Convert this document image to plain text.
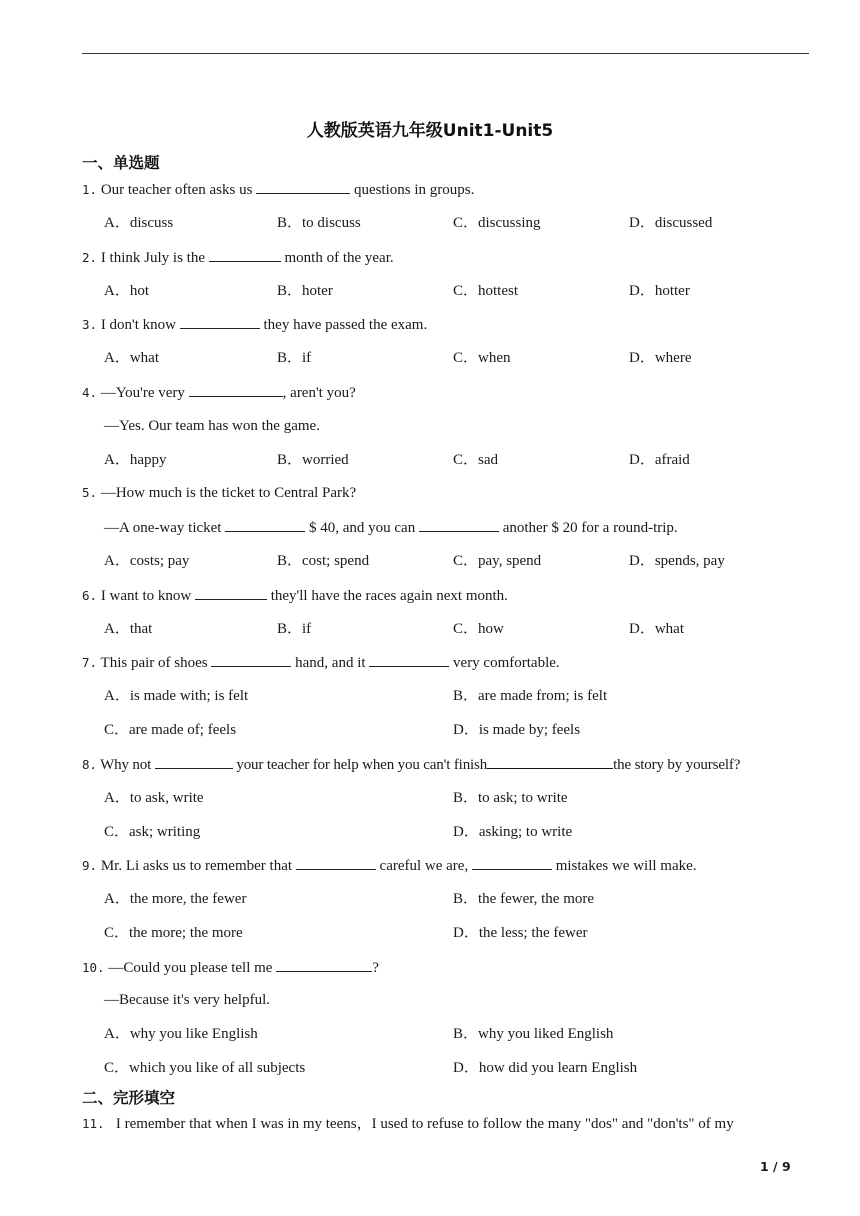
人教版英语九年级Unit1-Unit5
一、单选题
1. Our teacher often asks us	questions in groups.
A．discuss	B．to discuss	C．discussing	D．discussed
2. I think July is the	month of the year.
A．hot	B．hoter	C．hottest	D．hotter
3. I don't know	they have passed the exam.
A．what	B．if	C．when	D．where
4. —You're very	, aren't you?
—Yes. Our team has won the game.
A．happy	B．worried	C．sad	D．afraid
5. —How much is the ticket to Central Park?
—A one-way ticket	$ 40, and you can	another $ 20 for a round-trip.
A．costs; pay	B．cost; spend	C．pay, spend	D．spends, pay
6. I want to know	they'll have the races again next month.
A．that	B．if	C．how	D．what
7. This pair of shoes	hand, and it	very comfortable.
A．is made with; is felt	B．are made from; is felt
C．are made of; feels	D．is made by; feels
8. Why not	your teacher for help when you can't finish	the story by yourself?
A．to ask, write	B．to ask; to write
C．ask; writing	D．asking; to write
9. Mr. Li asks us to remember that	careful we are,	mistakes we will make.
A．the more, the fewer	B．the fewer, the more
C．the more; the more	D．the less; the fewer
10. —Could you please tell me	?
—Because it's very helpful.
A．why you like English	B．why you liked English
C．which you like of all subjects	D．how did you learn English
二、完形填空
11. I remember that when I was in my teens，I used to refuse to follow the many "dos" and "don'ts" of my
1 / 9
